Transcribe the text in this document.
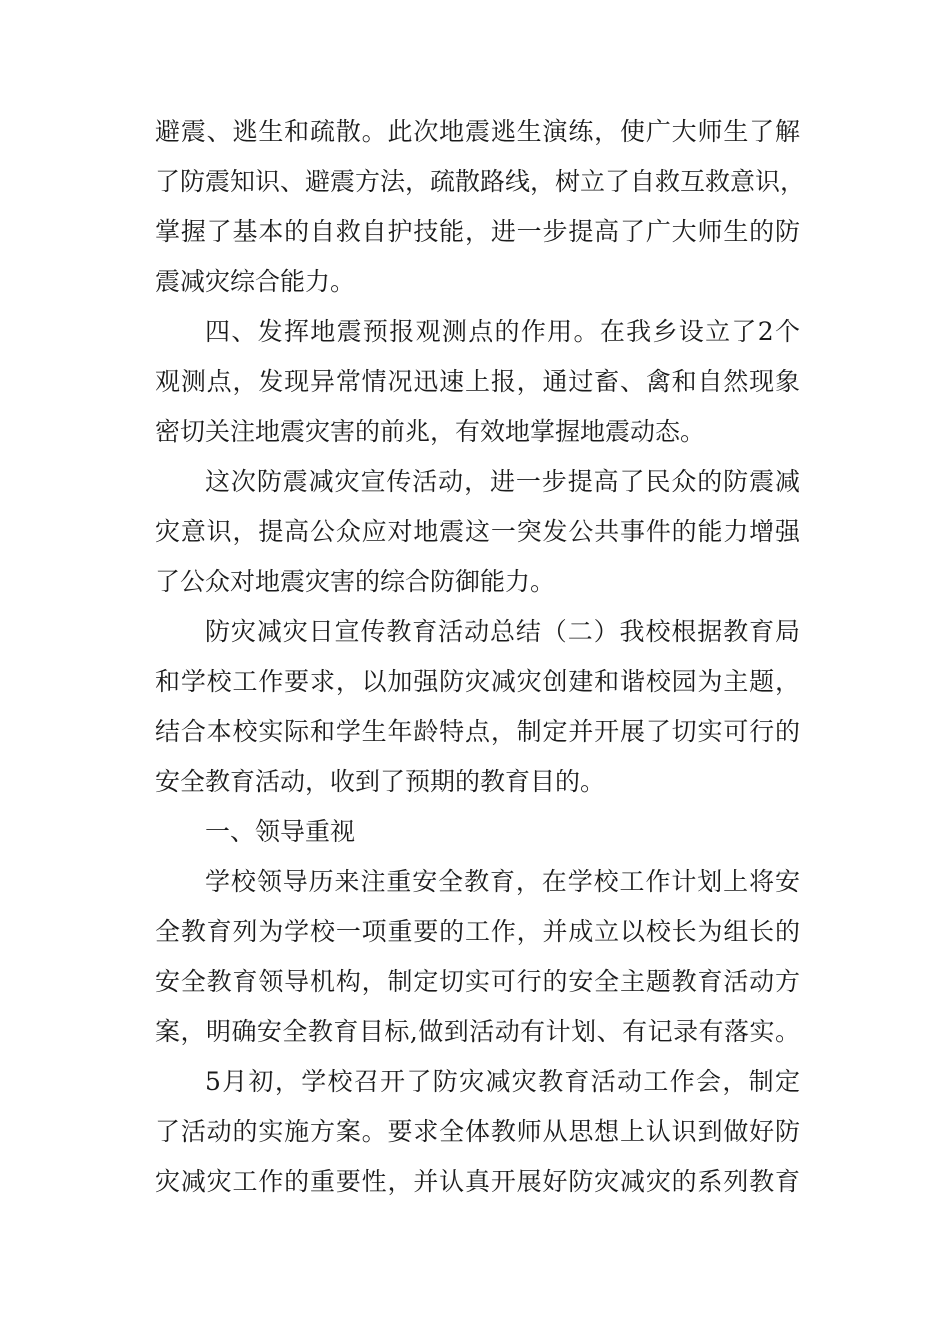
避震、逃生和疏散。此次地震逃生演练，使广大师生了解
了防震知识、避震方法，疏散路线，树立了自救互救意识，
掌握了基本的自救自护技能，进一步提高了广大师生的防
震减灾综合能力。
四、发挥地震预报观测点的作用。在我乡设立了2个
观测点，发现异常情况迅速上报，通过畜、禽和自然现象
密切关注地震灾害的前兆，有效地掌握地震动态。
这次防震减灾宣传活动，进一步提高了民众的防震减
灾意识，提高公众应对地震这一突发公共事件的能力增强
了公众对地震灾害的综合防御能力。
防灾减灾日宣传教育活动总结（二）我校根据教育局
和学校工作要求，以加强防灾减灾创建和谐校园为主题，
结合本校实际和学生年龄特点，制定并开展了切实可行的
安全教育活动，收到了预期的教育目的。
一、领导重视
学校领导历来注重安全教育，在学校工作计划上将安
全教育列为学校一项重要的工作，并成立以校长为组长的
安全教育领导机构，制定切实可行的安全主题教育活动方
案，明确安全教育目标,做到活动有计划、有记录有落实。
5月初，学校召开了防灾减灾教育活动工作会，制定
了活动的实施方案。要求全体教师从思想上认识到做好防
灾减灾工作的重要性，并认真开展好防灾减灾的系列教育
